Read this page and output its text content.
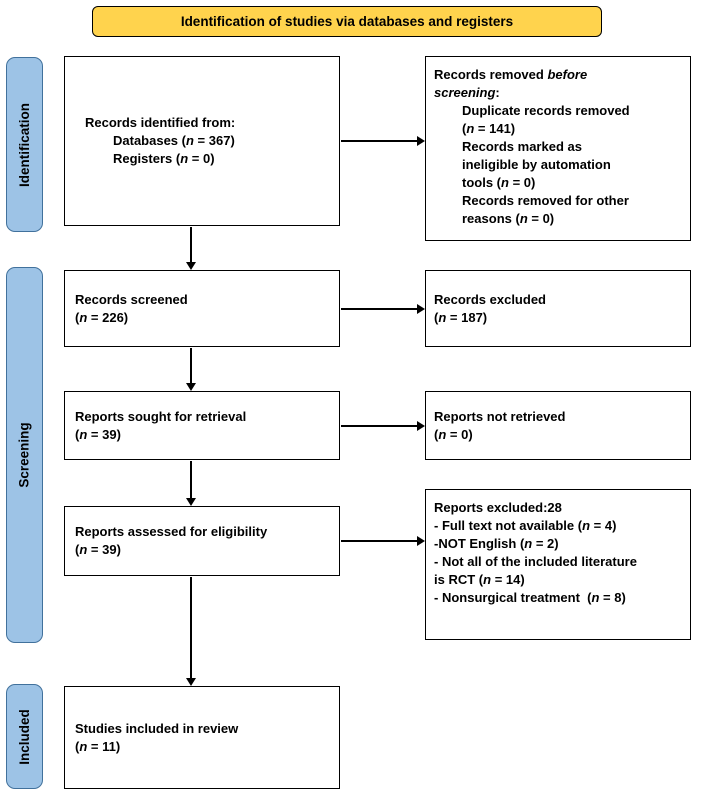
Identification of studies via databases and registers
Identification
Screening
Included
Records identified from:
Databases (n = 367)
Registers (n = 0)
Records removed before
screening:
Duplicate records removed
(n = 141)
Records marked as
ineligible by automation
tools (n = 0)
Records removed for other
reasons (n = 0)
Records screened
(n = 226)
Records excluded
(n = 187)
Reports sought for retrieval
(n = 39)
Reports not retrieved
(n = 0)
Reports assessed for eligibility
(n = 39)
Reports excluded:28
- Full text not available (n = 4)
-NOT English (n = 2)
- Not all of the included literature
is RCT (n = 14)
- Nonsurgical treatment  (n = 8)
Studies included in review
(n = 11)
